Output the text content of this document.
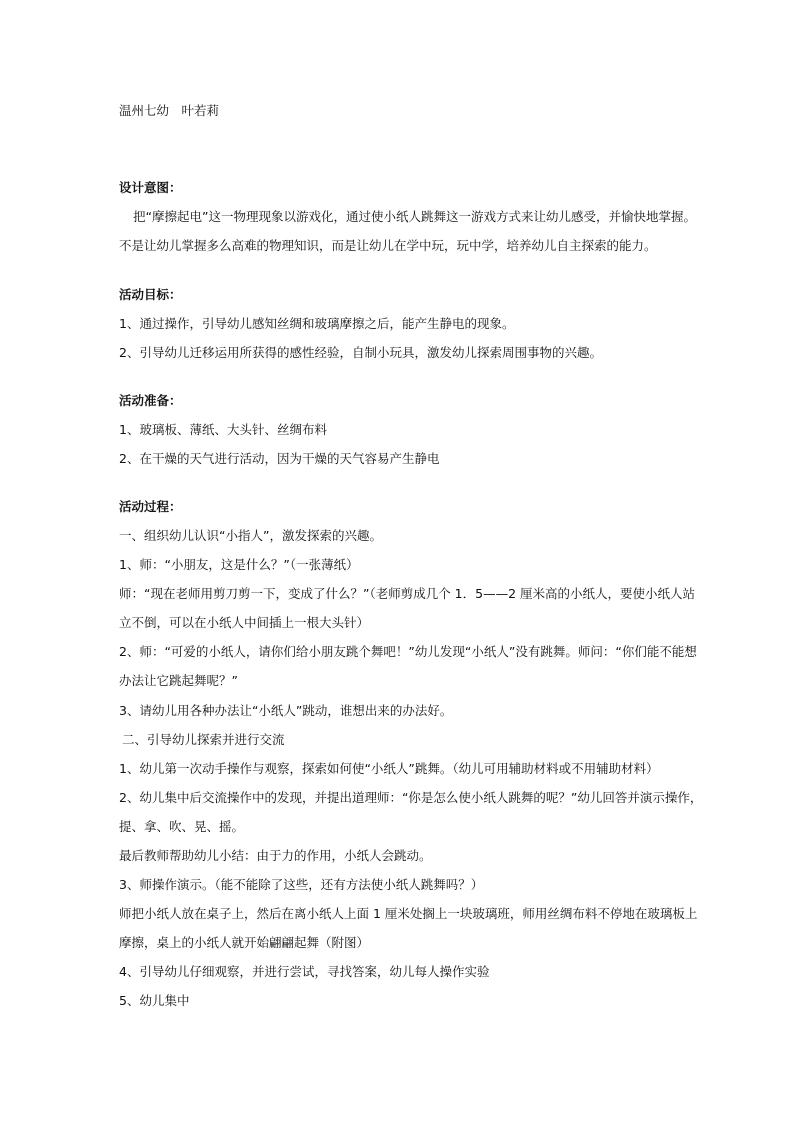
温州七幼　叶若莉
设计意图：
把“摩擦起电”这一物理现象以游戏化，通过使小纸人跳舞这一游戏方式来让幼儿感受，并愉快地掌握。
不是让幼儿掌握多么高难的物理知识，而是让幼儿在学中玩，玩中学，培养幼儿自主探索的能力。
活动目标：
1、通过操作，引导幼儿感知丝绸和玻璃摩擦之后，能产生静电的现象。
2、引导幼儿迁移运用所获得的感性经验，自制小玩具，激发幼儿探索周围事物的兴趣。
活动准备：
1、玻璃板、薄纸、大头针、丝绸布料
2、在干燥的天气进行活动，因为干燥的天气容易产生静电
活动过程：
一、组织幼儿认识“小指人”，激发探索的兴趣。
1、师：“小朋友，这是什么？”（一张薄纸）
师：“现在老师用剪刀剪一下，变成了什么？”（老师剪成几个 1．5——2 厘米高的小纸人，要使小纸人站
立不倒，可以在小纸人中间插上一根大头针）
2、师：“可爱的小纸人，请你们给小朋友跳个舞吧！”幼儿发现“小纸人”没有跳舞。师问：“你们能不能想
办法让它跳起舞呢？”
3、请幼儿用各种办法让“小纸人”跳动，谁想出来的办法好。
二、引导幼儿探索并进行交流
1、幼儿第一次动手操作与观察，探索如何使“小纸人”跳舞。（幼儿可用辅助材料或不用辅助材料）
2、幼儿集中后交流操作中的发现，并提出道理师：“你是怎么使小纸人跳舞的呢？”幼儿回答并演示操作，
提、拿、吹、晃、摇。
最后教师帮助幼儿小结：由于力的作用，小纸人会跳动。
3、师操作演示。（能不能除了这些，还有方法使小纸人跳舞吗？）
师把小纸人放在桌子上，然后在离小纸人上面 1 厘米处搁上一块玻璃班，师用丝绸布料不停地在玻璃板上
摩擦，桌上的小纸人就开始翩翩起舞（附图）
4、引导幼儿仔细观察，并进行尝试，寻找答案，幼儿每人操作实验
5、幼儿集中
